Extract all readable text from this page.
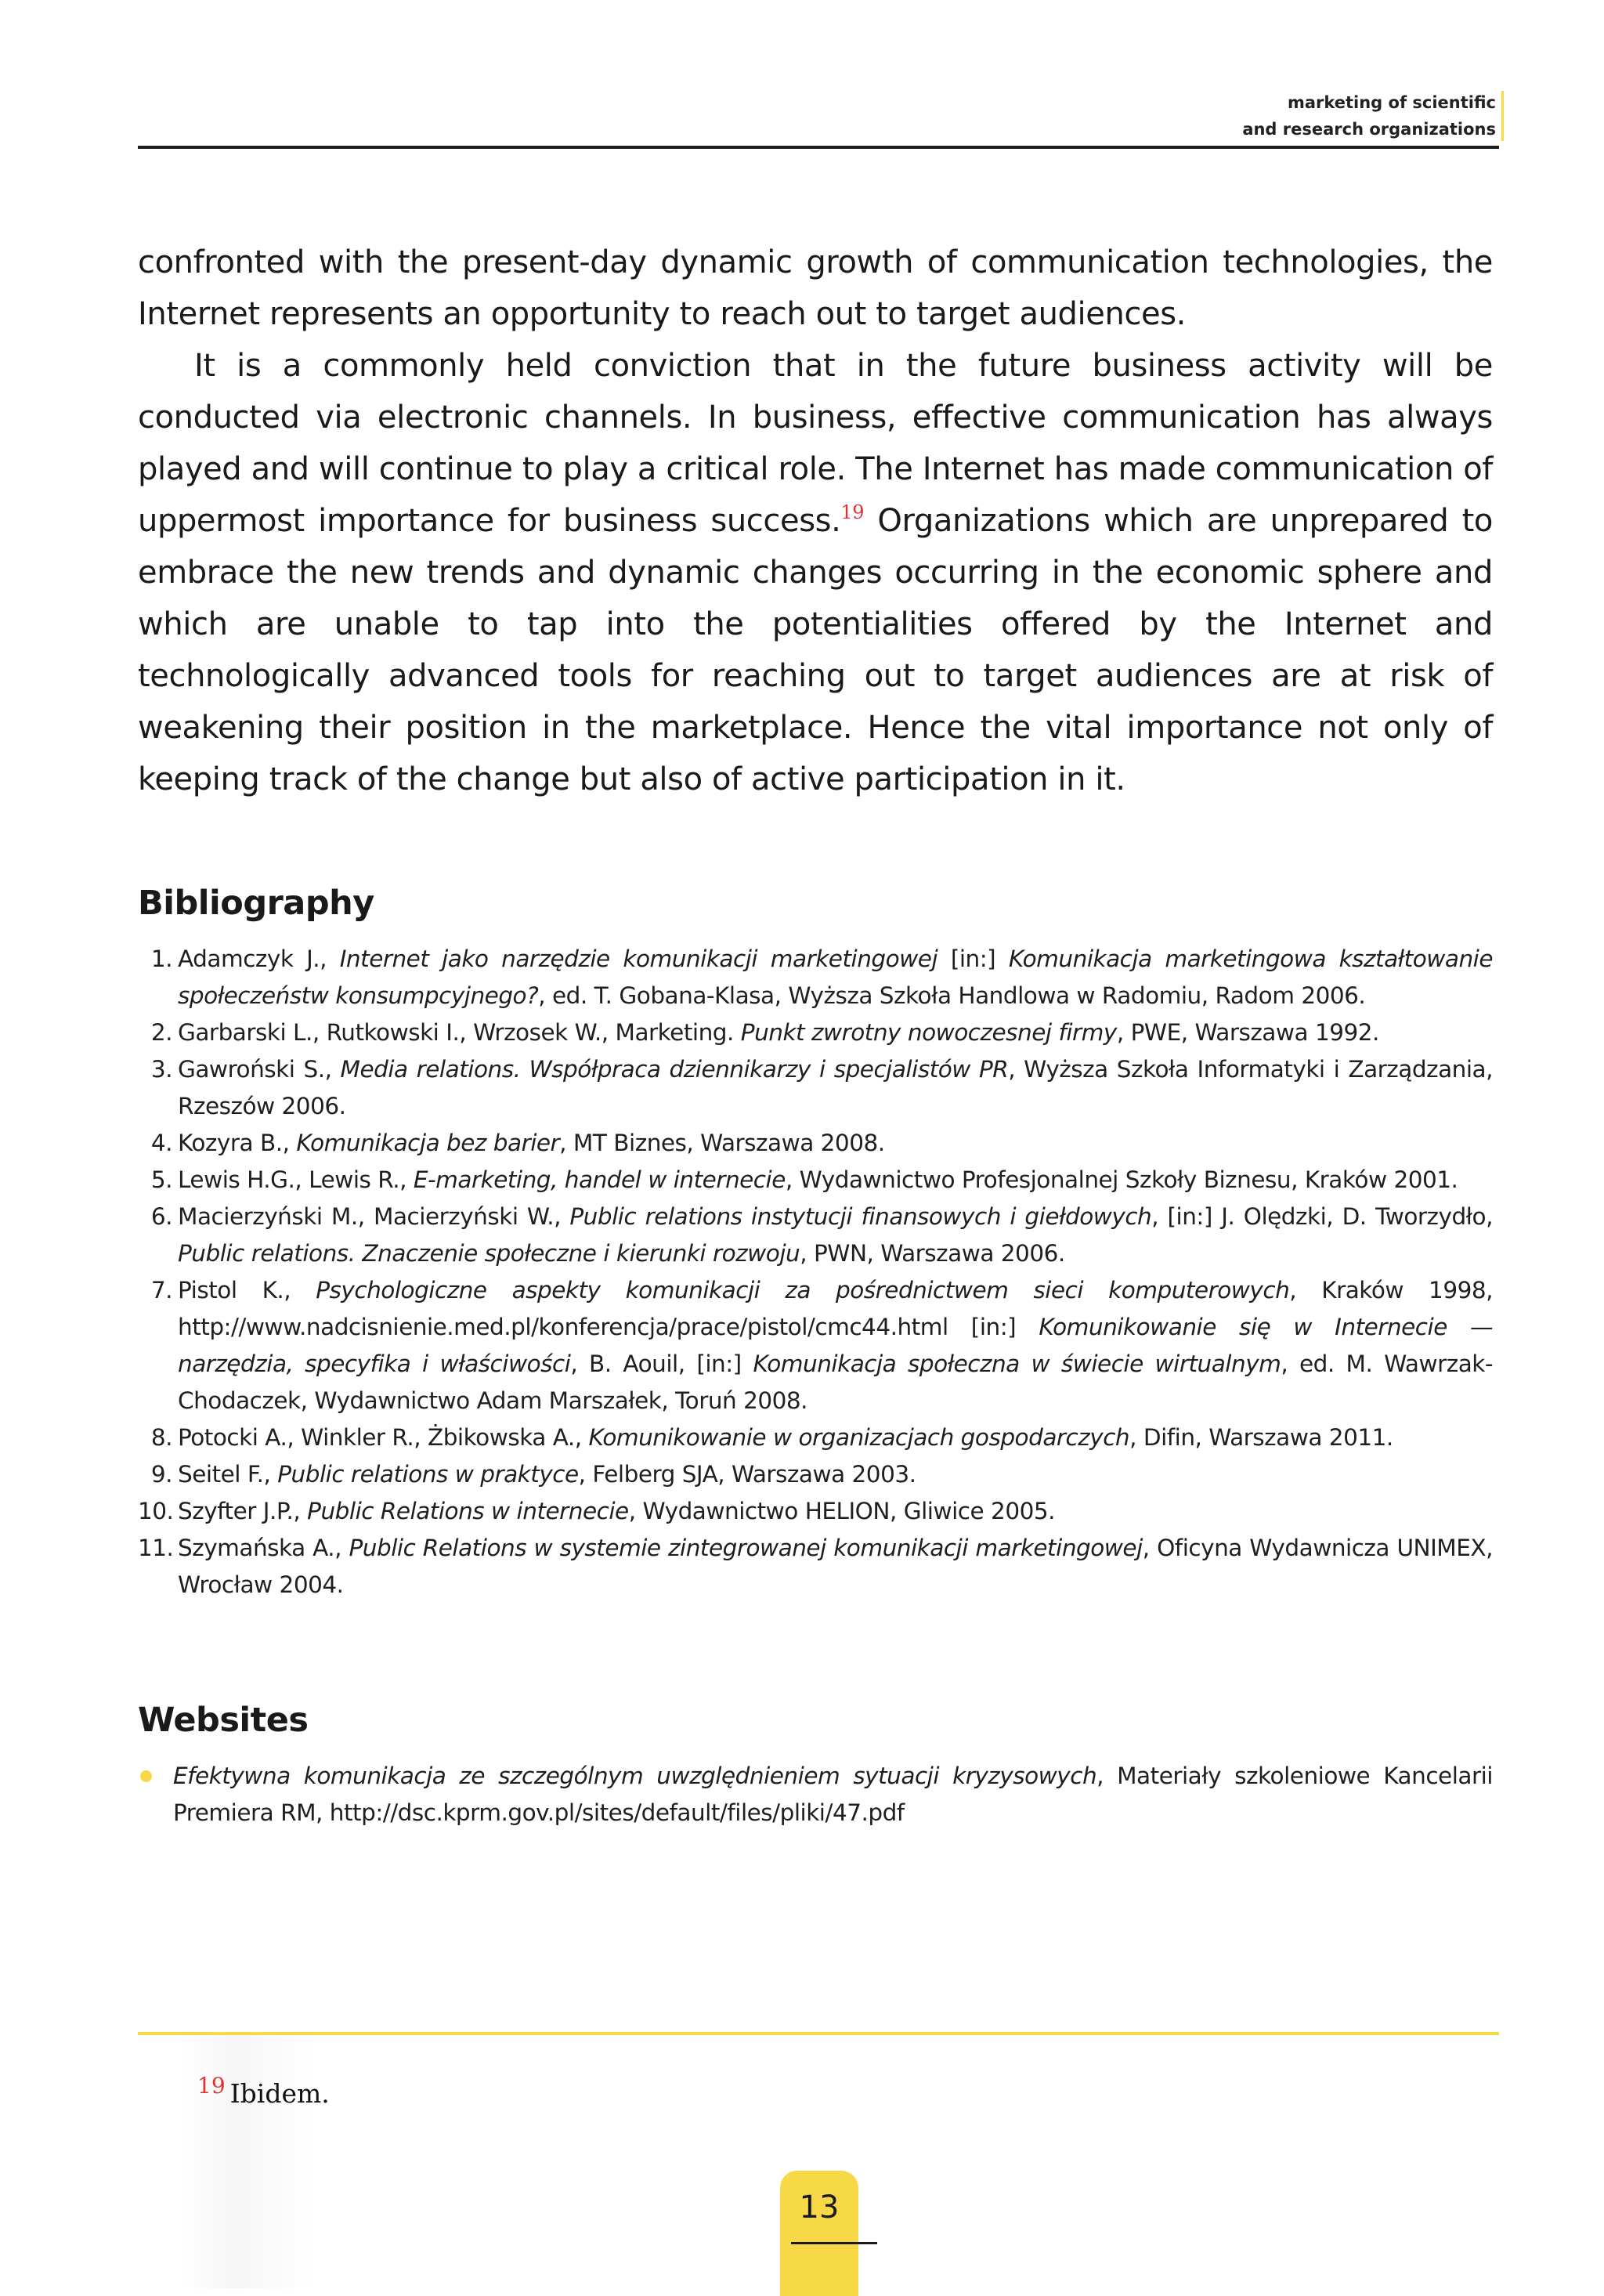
marketing of scientific
and research organizations

confronted with the present-day dynamic growth of communication technologies, the Internet represents an opportunity to reach out to target audiences.

It is a commonly held conviction that in the future business activity will be conducted via electronic channels. In business, effective communication has always played and will continue to play a critical role. The Internet has made communication of uppermost importance for business success.$^{19}$ Organizations which are unprepared to embrace the new trends and dynamic changes occurring in the economic sphere and which are unable to tap into the potentialities offered by the Internet and technologically advanced tools for reaching out to target audiences are at risk of weakening their position in the marketplace. Hence the vital importance not only of keeping track of the change but also of active participation in it.

Bibliography
1. Adamczyk J., Internet jako narzędzie komunikacji marketingowej [in:] Komunikacja marketingowa kształtowanie społeczeństw konsumpcyjnego?, ed. T. Gobana-Klasa, Wyższa Szkoła Handlowa w Radomiu, Radom 2006.
2. Garbarski L., Rutkowski I., Wrzosek W., Marketing. Punkt zwrotny nowoczesnej firmy, PWE, Warszawa 1992.
3. Gawroński S., Media relations. Współpraca dziennikarzy i specjalistów PR, Wyższa Szkoła Informatyki i Zarządzania, Rzeszów 2006.
4. Kozyra B., Komunikacja bez barier, MT Biznes, Warszawa 2008.
5. Lewis H.G., Lewis R., E-marketing, handel w internecie, Wydawnictwo Profesjonalnej Szkoły Biznesu, Kraków 2001.
6. Macierzyński M., Macierzyński W., Public relations instytucji finansowych i giełdowych, [in:] J. Olędzki, D. Tworzydło, Public relations. Znaczenie społeczne i kierunki rozwoju, PWN, Warszawa 2006.
7. Pistol K., Psychologiczne aspekty komunikacji za pośrednictwem sieci komputerowych, Kraków 1998, http://www.nadcisnienie.med.pl/konferencja/prace/pistol/cmc44.html [in:] Komunikowanie się w Internecie — narzędzia, specyfika i właściwości, B. Aouil, [in:] Komunikacja społeczna w świecie wirtualnym, ed. M. Wawrzak-Chodaczek, Wydawnictwo Adam Marszałek, Toruń 2008.
8. Potocki A., Winkler R., Żbikowska A., Komunikowanie w organizacjach gospodarczych, Difin, Warszawa 2011.
9. Seitel F., Public relations w praktyce, Felberg SJA, Warszawa 2003.
10. Szyfter J.P., Public Relations w internecie, Wydawnictwo HELION, Gliwice 2005.
11. Szymańska A., Public Relations w systemie zintegrowanej komunikacji marketingowej, Oficyna Wydawnicza UNIMEX, Wrocław 2004.
Websites
Efektywna komunikacja ze szczególnym uwzględnieniem sytuacji kryzysowych, Materiały szkoleniowe Kancelarii Premiera RM, http://dsc.kprm.gov.pl/sites/default/files/pliki/47.pdf
$^{19}$ Ibidem.
13
